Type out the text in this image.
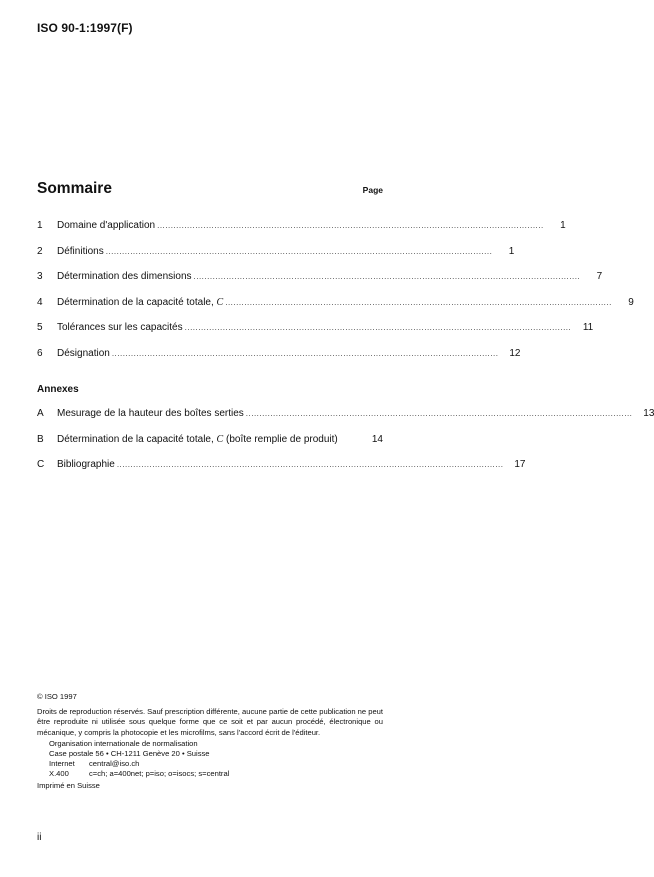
ISO 90-1:1997(F)
Sommaire	Page
1	Domaine d'application ..............................................................................................................................................	1
2	Définitions ..............................................................................................................................................	1
3	Détermination des dimensions ..............................................................................................................................................	7
4	Détermination de la capacité totale, C ..............................................................................................................................................	9
5	Tolérances sur les capacités ..............................................................................................................................................	11
6	Désignation ..............................................................................................................................................	12
Annexes
A	Mesurage de la hauteur des boîtes serties ..............................................................................................................................................	13
B	Détermination de la capacité totale, C (boîte remplie de produit)	14
C	Bibliographie ..............................................................................................................................................	17
© ISO 1997
Droits de reproduction réservés. Sauf prescription différente, aucune partie de cette publication ne peut être reproduite ni utilisée sous quelque forme que ce soit et par aucun procédé, électronique ou mécanique, y compris la photocopie et les microfilms, sans l'accord écrit de l'éditeur.
Organisation internationale de normalisation
Case postale 56 • CH-1211 Genève 20 • Suisse
Internet	central@iso.ch
X.400	c=ch; a=400net; p=iso; o=isocs; s=central
Imprimé en Suisse
ii
